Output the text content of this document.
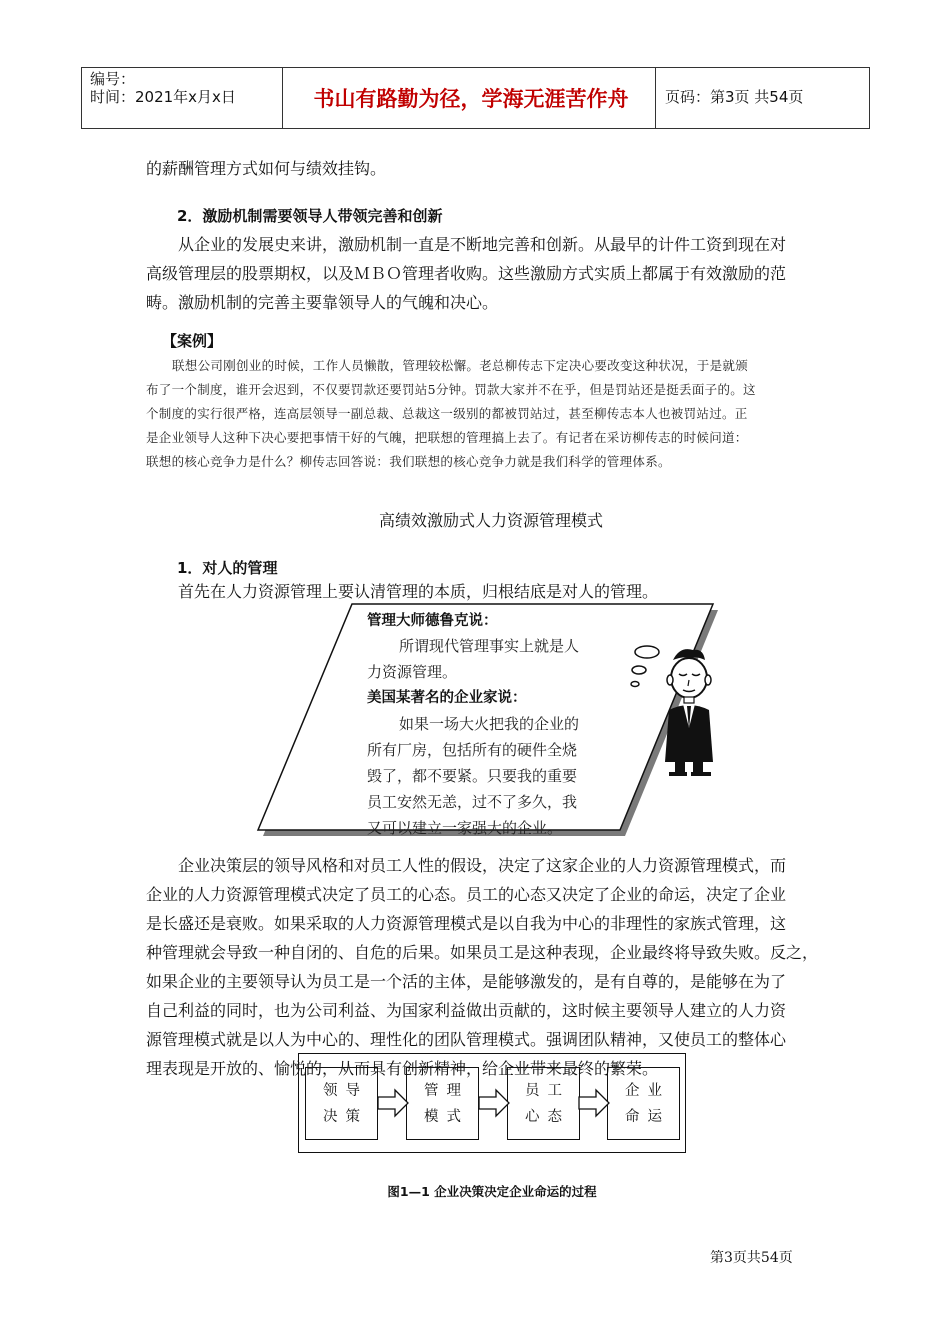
编号：
时间：2021年x月x日	书山有路勤为径，学海无涯苦作舟	页码：第3页 共54页
的薪酬管理方式如何与绩效挂钩。
2．激励机制需要领导人带领完善和创新
从企业的发展史来讲，激励机制一直是不断地完善和创新。从最早的计件工资到现在对
高级管理层的股票期权，以及ＭＢＯ管理者收购。这些激励方式实质上都属于有效激励的范
畴。激励机制的完善主要靠领导人的气魄和决心。
【案例】
联想公司刚创业的时候，工作人员懒散，管理较松懈。老总柳传志下定决心要改变这种状况，于是就颁
布了一个制度，谁开会迟到，不仅要罚款还要罚站5分钟。罚款大家并不在乎，但是罚站还是挺丢面子的。这
个制度的实行很严格，连高层领导一副总裁、总裁这一级别的都被罚站过，甚至柳传志本人也被罚站过。正
是企业领导人这种下决心要把事情干好的气魄，把联想的管理搞上去了。有记者在采访柳传志的时候问道：
联想的核心竞争力是什么？柳传志回答说：我们联想的核心竞争力就是我们科学的管理体系。
高绩效激励式人力资源管理模式
1．对人的管理
首先在人力资源管理上要认清管理的本质，归根结底是对人的管理。
管理大师德鲁克说：
所谓现代管理事实上就是人
力资源管理。
美国某著名的企业家说：
如果一场大火把我的企业的
所有厂房，包括所有的硬件全烧
毁了，都不要紧。只要我的重要
员工安然无恙，过不了多久，我
又可以建立一家强大的企业。
企业决策层的领导风格和对员工人性的假设，决定了这家企业的人力资源管理模式，而
企业的人力资源管理模式决定了员工的心态。员工的心态又决定了企业的命运，决定了企业
是长盛还是衰败。如果采取的人力资源管理模式是以自我为中心的非理性的家族式管理，这
种管理就会导致一种自闭的、自危的后果。如果员工是这种表现，企业最终将导致失败。反之，
如果企业的主要领导认为员工是一个活的主体，是能够激发的，是有自尊的，是能够在为了
自己利益的同时，也为公司利益、为国家利益做出贡献的，这时候主要领导人建立的人力资
源管理模式就是以人为中心的、理性化的团队管理模式。强调团队精神，又使员工的整体心
理表现是开放的、愉悦的，从而具有创新精神，给企业带来最终的繁荣。
领导
决策
管理
模式
员工
心态
企业
命运
图1—1 企业决策决定企业命运的过程
第3页共54页
